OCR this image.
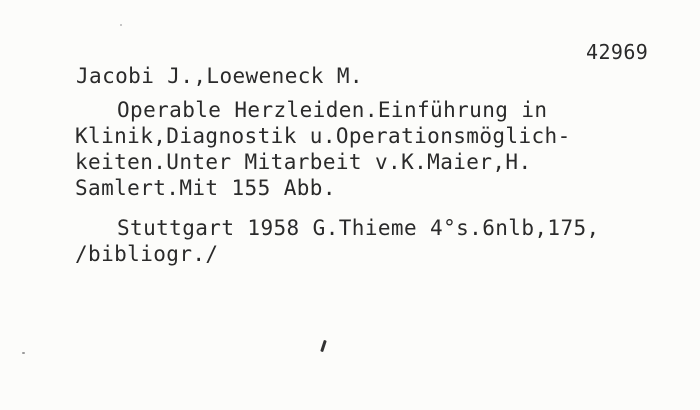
42969
Jacobi J.,Loeweneck M.
Operable Herzleiden.Einführung in
Klinik,Diagnostik u.Operationsmöglich-
keiten.Unter Mitarbeit v.K.Maier,H.
Samlert.Mit 155 Abb.
Stuttgart 1958 G.Thieme 4°s.6nlb,175,
/bibliogr./
